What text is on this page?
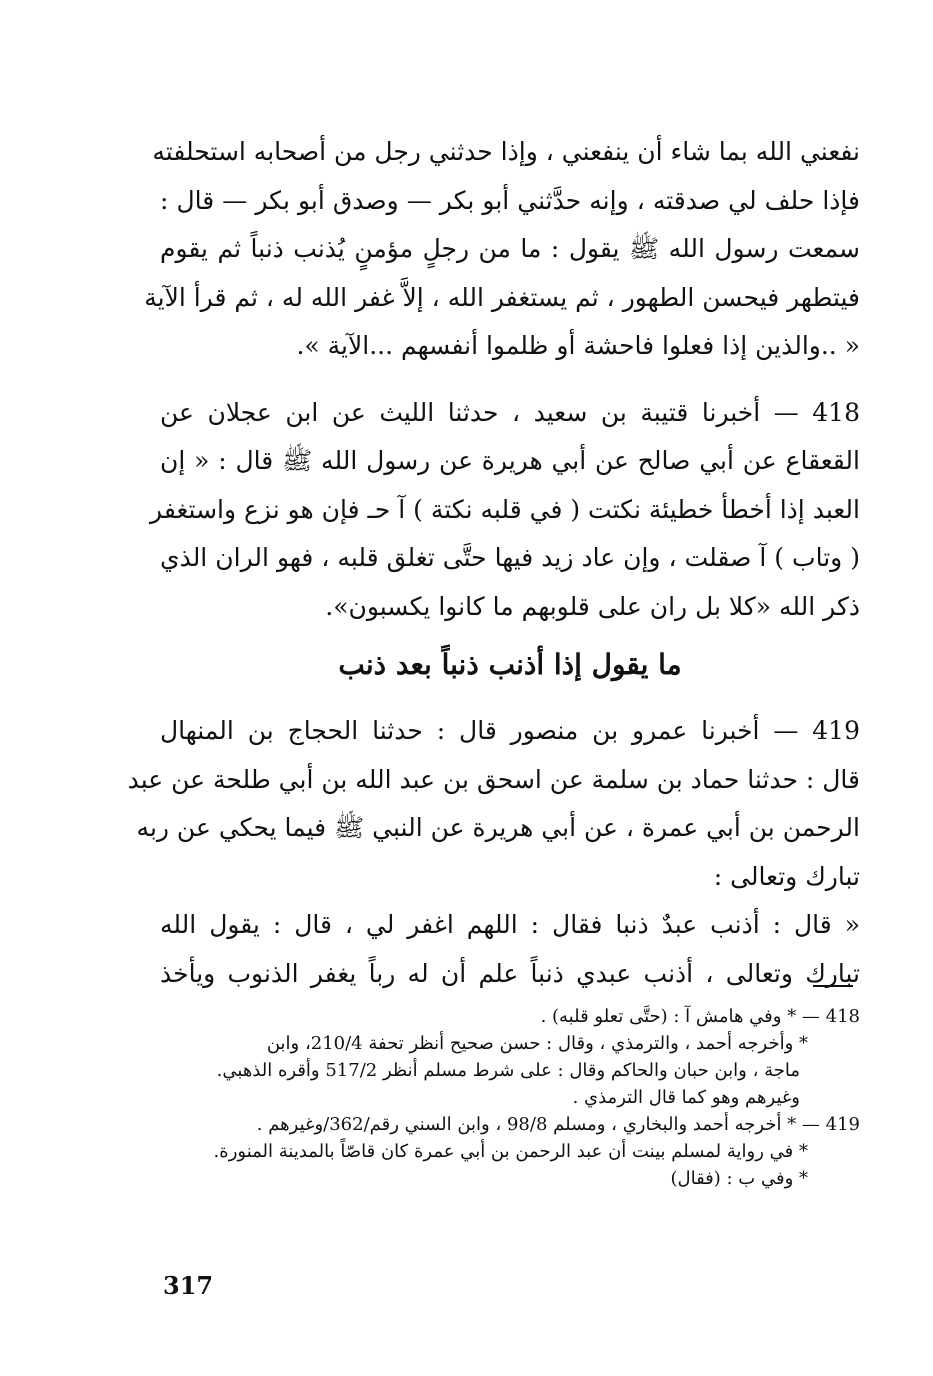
نفعني الله بما شاء أن ينفعني ، وإذا حدثني رجل من أصحابه استحلفته
فإذا حلف لي صدقته ، وإنه حدَّثني أبو بكر — وصدق أبو بكر — قال :
سمعت رسول الله ﷺ يقول : ما من رجلٍ مؤمنٍ يُذنب ذنباً ثم يقوم
فيتطهر فيحسن الطهور ، ثم يستغفر الله ، إلاَّ غفر الله له ، ثم قرأ الآية
« ..والذين إذا فعلوا فاحشة أو ظلموا أنفسهم ...الآية ».
418 — أخبرنا قتيبة بن سعيد ، حدثنا الليث عن ابن عجلان عن
القعقاع عن أبي صالح عن أبي هريرة عن رسول الله ﷺ قال : « إن
العبد إذا أخطأ خطيئة نكتت ( في قلبه نكتة ) آ حـ فإن هو نزع واستغفر
( وتاب ) آ صقلت ، وإن عاد زيد فيها حتَّى تغلق قلبه ، فهو الران الذي
ذكر الله «كلا بل ران على قلوبهم ما كانوا يكسبون».
ما يقول إذا أذنب ذنباً بعد ذنب
419 — أخبرنا عمرو بن منصور قال : حدثنا الحجاج بن المنهال
قال : حدثنا حماد بن سلمة عن اسحق بن عبد الله بن أبي طلحة عن عبد
الرحمن بن أبي عمرة ، عن أبي هريرة عن النبي ﷺ فيما يحكي عن ربه
تبارك وتعالى :
« قال : أذنب عبدٌ ذنبا فقال : اللهم اغفر لي ، قال : يقول الله
تبارك وتعالى ، أذنب عبدي ذنباً علم أن له رباً يغفر الذنوب ويأخذ
418 — * وفي هامش آ : (حتَّى تعلو قلبه) .
* وأخرجه أحمد ، والترمذي ، وقال : حسن صحيح أنظر تحفة 210/4، وابن
ماجة ، وابن حبان والحاكم وقال : على شرط مسلم أنظر 517/2 وأقره الذهبي.
وغيرهم وهو كما قال الترمذي .
419 — * أخرجه أحمد والبخاري ، ومسلم 98/8 ، وابن السني رقم/362/وغيرهم .
* في رواية لمسلم بينت أن عبد الرحمن بن أبي عمرة كان قاصّاً بالمدينة المنورة.
* وفي ب : (فقال)
317
